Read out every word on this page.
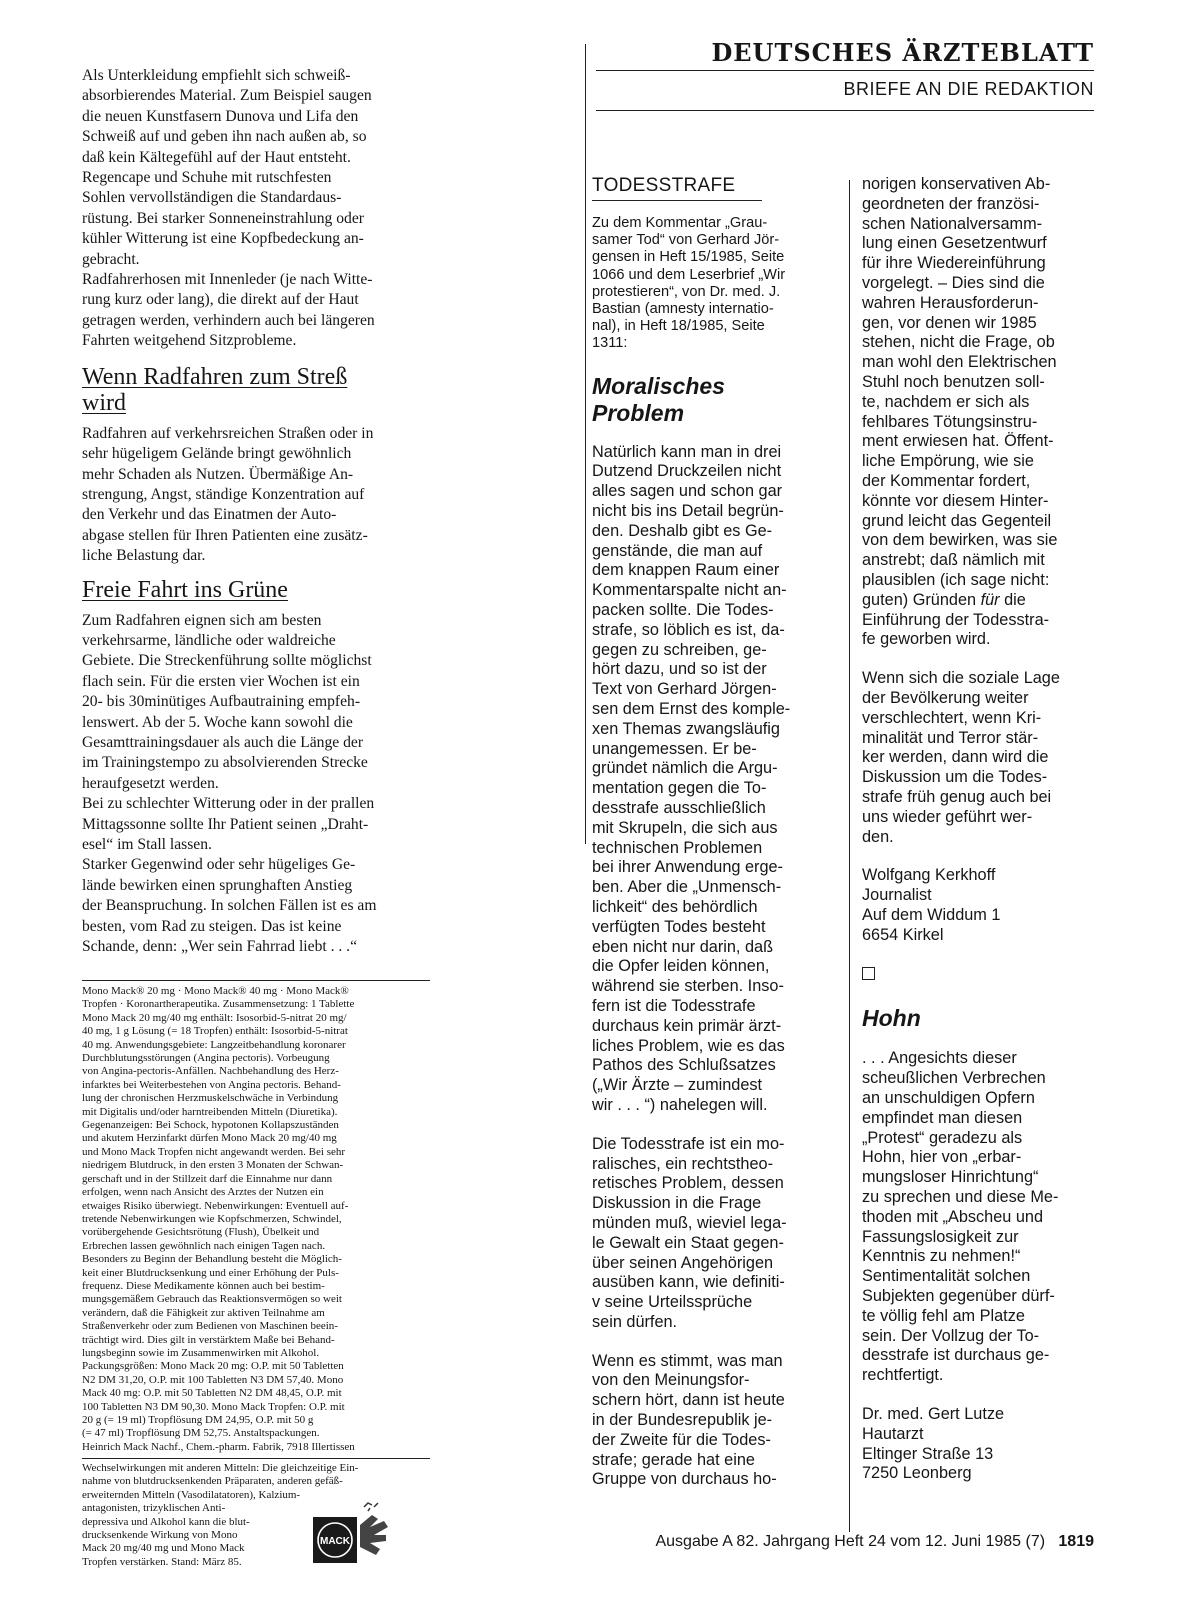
Als Unterkleidung empfiehlt sich schweiß-
absorbierendes Material. Zum Beispiel saugen
die neuen Kunstfasern Dunova und Lifa den
Schweiß auf und geben ihn nach außen ab, so
daß kein Kältegefühl auf der Haut entsteht.
Regencape und Schuhe mit rutschfesten
Sohlen vervollständigen die Standardaus-
rüstung. Bei starker Sonneneinstrahlung oder
kühler Witterung ist eine Kopfbedeckung an-
gebracht.
Radfahrerhosen mit Innenleder (je nach Witte-
rung kurz oder lang), die direkt auf der Haut
getragen werden, verhindern auch bei längeren
Fahrten weitgehend Sitzprobleme.

Wenn Radfahren zum Streß
wird

Radfahren auf verkehrsreichen Straßen oder in
sehr hügeligem Gelände bringt gewöhnlich
mehr Schaden als Nutzen. Übermäßige An-
strengung, Angst, ständige Konzentration auf
den Verkehr und das Einatmen der Auto-
abgase stellen für Ihren Patienten eine zusätz-
liche Belastung dar.

Freie Fahrt ins Grüne

Zum Radfahren eignen sich am besten
verkehrsarme, ländliche oder waldreiche
Gebiete. Die Streckenführung sollte möglichst
flach sein. Für die ersten vier Wochen ist ein
20- bis 30minütiges Aufbautraining empfeh-
lenswert. Ab der 5. Woche kann sowohl die
Gesamttrainingsdauer als auch die Länge der
im Trainingstempo zu absolvierenden Strecke
heraufgesetzt werden.
Bei zu schlechter Witterung oder in der prallen
Mittagssonne sollte Ihr Patient seinen „Draht-
esel“ im Stall lassen.
Starker Gegenwind oder sehr hügeliges Ge-
lände bewirken einen sprunghaften Anstieg
der Beanspruchung. In solchen Fällen ist es am
besten, vom Rad zu steigen. Das ist keine
Schande, denn: „Wer sein Fahrrad liebt . . .“

Mono Mack® 20 mg · Mono Mack® 40 mg · Mono Mack®
Tropfen · Koronartherapeutika. Zusammensetzung: 1 Tablette
Mono Mack 20 mg/40 mg enthält: Isosorbid-5-nitrat 20 mg/
40 mg, 1 g Lösung (= 18 Tropfen) enthält: Isosorbid-5-nitrat
40 mg. Anwendungsgebiete: Langzeitbehandlung koronarer
Durchblutungsstörungen (Angina pectoris). Vorbeugung
von Angina-pectoris-Anfällen. Nachbehandlung des Herz-
infarktes bei Weiterbestehen von Angina pectoris. Behand-
lung der chronischen Herzmuskelschwäche in Verbindung
mit Digitalis und/oder harntreibenden Mitteln (Diuretika).
Gegenanzeigen: Bei Schock, hypotonen Kollapszuständen
und akutem Herzinfarkt dürfen Mono Mack 20 mg/40 mg
und Mono Mack Tropfen nicht angewandt werden. Bei sehr
niedrigem Blutdruck, in den ersten 3 Monaten der Schwan-
gerschaft und in der Stillzeit darf die Einnahme nur dann
erfolgen, wenn nach Ansicht des Arztes der Nutzen ein
etwaiges Risiko überwiegt. Nebenwirkungen: Eventuell auf-
tretende Nebenwirkungen wie Kopfschmerzen, Schwindel,
vorübergehende Gesichtsrötung (Flush), Übelkeit und
Erbrechen lassen gewöhnlich nach einigen Tagen nach.
Besonders zu Beginn der Behandlung besteht die Möglich-
keit einer Blutdrucksenkung und einer Erhöhung der Puls-
frequenz. Diese Medikamente können auch bei bestim-
mungsgemäßem Gebrauch das Reaktionsvermögen so weit
verändern, daß die Fähigkeit zur aktiven Teilnahme am
Straßenverkehr oder zum Bedienen von Maschinen beein-
trächtigt wird. Dies gilt in verstärktem Maße bei Behand-
lungsbeginn sowie im Zusammenwirken mit Alkohol.
Packungsgrößen: Mono Mack 20 mg: O.P. mit 50 Tabletten
N2 DM 31,20, O.P. mit 100 Tabletten N3 DM 57,40. Mono
Mack 40 mg: O.P. mit 50 Tabletten N2 DM 48,45, O.P. mit
100 Tabletten N3 DM 90,30. Mono Mack Tropfen: O.P. mit
20 g (= 19 ml) Tropflösung DM 24,95, O.P. mit 50 g
(= 47 ml) Tropflösung DM 52,75. Anstaltspackungen.
Heinrich Mack Nachf., Chem.-pharm. Fabrik, 7918 Illertissen

Wechselwirkungen mit anderen Mitteln: Die gleichzeitige Ein-
nahme von blutdrucksenkenden Präparaten, anderen gefäß-
erweiternden Mitteln (Vasodilatatoren), Kalzium-
antagonisten, trizyklischen Anti-
depressiva und Alkohol kann die blut-
drucksenkende Wirkung von Mono
Mack 20 mg/40 mg und Mono Mack
Tropfen verstärken. Stand: März 85.

MACK
DEUTSCHES ÄRZTEBLATT
BRIEFE AN DIE REDAKTION
TODESSTRAFE

Zu dem Kommentar „Grau-
samer Tod“ von Gerhard Jör-
gensen in Heft 15/1985, Seite
1066 und dem Leserbrief „Wir
protestieren“, von Dr. med. J.
Bastian (amnesty internatio-
nal), in Heft 18/1985, Seite
1311:

Moralisches
Problem

Natürlich kann man in drei
Dutzend Druckzeilen nicht
alles sagen und schon gar
nicht bis ins Detail begrün-
den. Deshalb gibt es Ge-
genstände, die man auf
dem knappen Raum einer
Kommentarspalte nicht an-
packen sollte. Die Todes-
strafe, so löblich es ist, da-
gegen zu schreiben, ge-
hört dazu, und so ist der
Text von Gerhard Jörgen-
sen dem Ernst des komple-
xen Themas zwangsläufig
unangemessen. Er be-
gründet nämlich die Argu-
mentation gegen die To-
desstrafe ausschließlich
mit Skrupeln, die sich aus
technischen Problemen
bei ihrer Anwendung erge-
ben. Aber die „Unmensch-
lichkeit“ des behördlich
verfügten Todes besteht
eben nicht nur darin, daß
die Opfer leiden können,
während sie sterben. Inso-
fern ist die Todesstrafe
durchaus kein primär ärzt-
liches Problem, wie es das
Pathos des Schlußsatzes
(„Wir Ärzte – zumindest
wir . . . “) nahelegen will.

Die Todesstrafe ist ein mo-
ralisches, ein rechtstheo-
retisches Problem, dessen
Diskussion in die Frage
münden muß, wieviel lega-
le Gewalt ein Staat gegen-
über seinen Angehörigen
ausüben kann, wie definiti-
v seine Urteilssprüche
sein dürfen.

Wenn es stimmt, was man
von den Meinungsfor-
schern hört, dann ist heute
in der Bundesrepublik je-
der Zweite für die Todes-
strafe; gerade hat eine
Gruppe von durchaus ho-

norigen konservativen Ab-
geordneten der französi-
schen Nationalversamm-
lung einen Gesetzentwurf
für ihre Wiedereinführung
vorgelegt. – Dies sind die
wahren Herausforderun-
gen, vor denen wir 1985
stehen, nicht die Frage, ob
man wohl den Elektrischen
Stuhl noch benutzen soll-
te, nachdem er sich als
fehlbares Tötungsinstru-
ment erwiesen hat. Öffent-
liche Empörung, wie sie
der Kommentar fordert,
könnte vor diesem Hinter-
grund leicht das Gegenteil
von dem bewirken, was sie
anstrebt; daß nämlich mit
plausiblen (ich sage nicht:
guten) Gründen für die
Einführung der Todesstra-
fe geworben wird.

Wenn sich die soziale Lage
der Bevölkerung weiter
verschlechtert, wenn Kri-
minalität und Terror stär-
ker werden, dann wird die
Diskussion um die Todes-
strafe früh genug auch bei
uns wieder geführt wer-
den.

Wolfgang Kerkhoff
Journalist
Auf dem Widdum 1
6654 Kirkel

Hohn

. . . Angesichts dieser
scheußlichen Verbrechen
an unschuldigen Opfern
empfindet man diesen
„Protest“ geradezu als
Hohn, hier von „erbar-
mungsloser Hinrichtung“
zu sprechen und diese Me-
thoden mit „Abscheu und
Fassungslosigkeit zur
Kenntnis zu nehmen!“
Sentimentalität solchen
Subjekten gegenüber dürf-
te völlig fehl am Platze
sein. Der Vollzug der To-
desstrafe ist durchaus ge-
rechtfertigt.

Dr. med. Gert Lutze
Hautarzt
Eltinger Straße 13
7250 Leonberg

Ausgabe A 82. Jahrgang Heft 24 vom 12. Juni 1985 (7) 1819
